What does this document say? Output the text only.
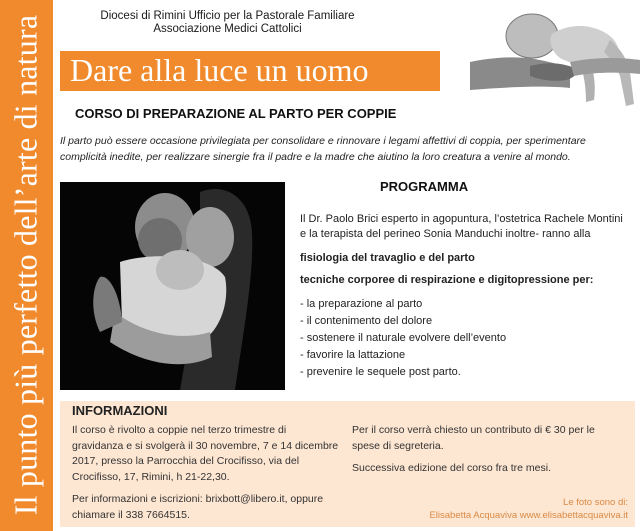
Il punto più perfetto dell’arte di natura	Diocesi di Rimini Ufficio per la Pastorale Familiare
Associazione Medici Cattolici
Dare alla luce un uomo
CORSO DI PREPARAZIONE AL PARTO PER COPPIE
Il parto può essere occasione privilegiata per consolidare e rinnovare i legami affettivi di coppia, per sperimentare complicità inedite, per realizzare sinergie fra il padre e la madre che aiutino la loro creatura a venire al mondo.
PROGRAMMA

Il Dr. Paolo Brici esperto in agopuntura, l’ostetrica Rachele Montini e la terapista del perineo Sonia Manduchi inoltre- ranno alla

fisiologia del travaglio e del parto

tecniche corporee di respirazione e digitopressione per:

- la preparazione al parto
- il contenimento del dolore
- sostenere il naturale evolvere dell’evento
- favorire la lattazione
- prevenire le sequele post parto.
INFORMAZIONI

Il corso è rivolto a coppie nel terzo trimestre di gravidanza e si svolgerà il 30 novembre, 7 e 14 dicembre 2017, presso la Parrocchia del Crocifisso, via del Crocifisso, 17, Rimini, h 21-22,30.

Per informazioni e iscrizioni: brixbott@libero.it, oppure chiamare il 338 7664515.

Per il corso verrà chiesto un contributo di € 30 per le spese di segreteria.

Successiva edizione del corso fra tre mesi.

Le foto sono di:
Elisabetta Acquaviva www.elisabettacquaviva.it
